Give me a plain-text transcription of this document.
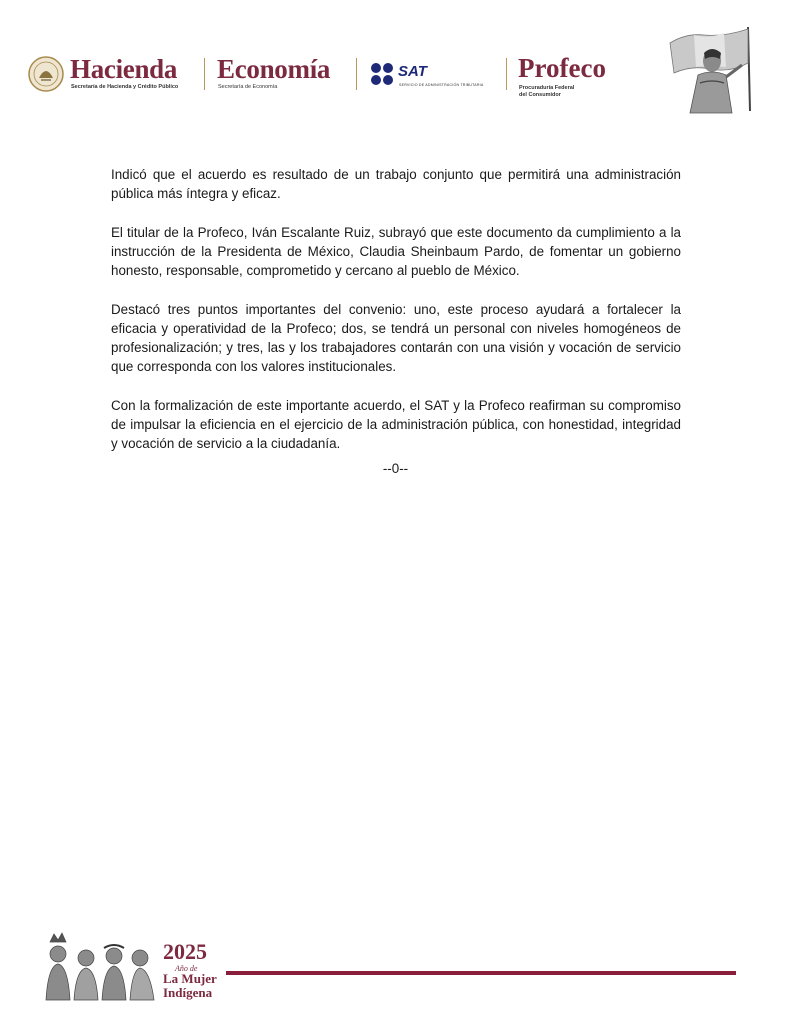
Hacienda
Secretaría de Hacienda y Crédito Público
Economía
Secretaría de Economía
SAT
SERVICIO DE ADMINISTRACIÓN TRIBUTARIA
Profeco
Procuraduría Federal
del Consumidor

Indicó que el acuerdo es resultado de un trabajo conjunto que permitirá una administración pública más íntegra y eficaz.

El titular de la Profeco, Iván Escalante Ruiz, subrayó que este documento da cumplimiento a la instrucción de la Presidenta de México, Claudia Sheinbaum Pardo, de fomentar un gobierno honesto, responsable, comprometido y cercano al pueblo de México.

Destacó tres puntos importantes del convenio: uno, este proceso ayudará a fortalecer la eficacia y operatividad de la Profeco; dos, se tendrá un personal con niveles homogéneos de profesionalización; y tres, las y los trabajadores contarán con una visión y vocación de servicio que corresponda con los valores institucionales.

Con la formalización de este importante acuerdo, el SAT y la Profeco reafirman su compromiso de impulsar la eficiencia en el ejercicio de la administración pública, con honestidad, integridad y vocación de servicio a la ciudadanía.

--0--
2025
Año de
La Mujer
Indígena
